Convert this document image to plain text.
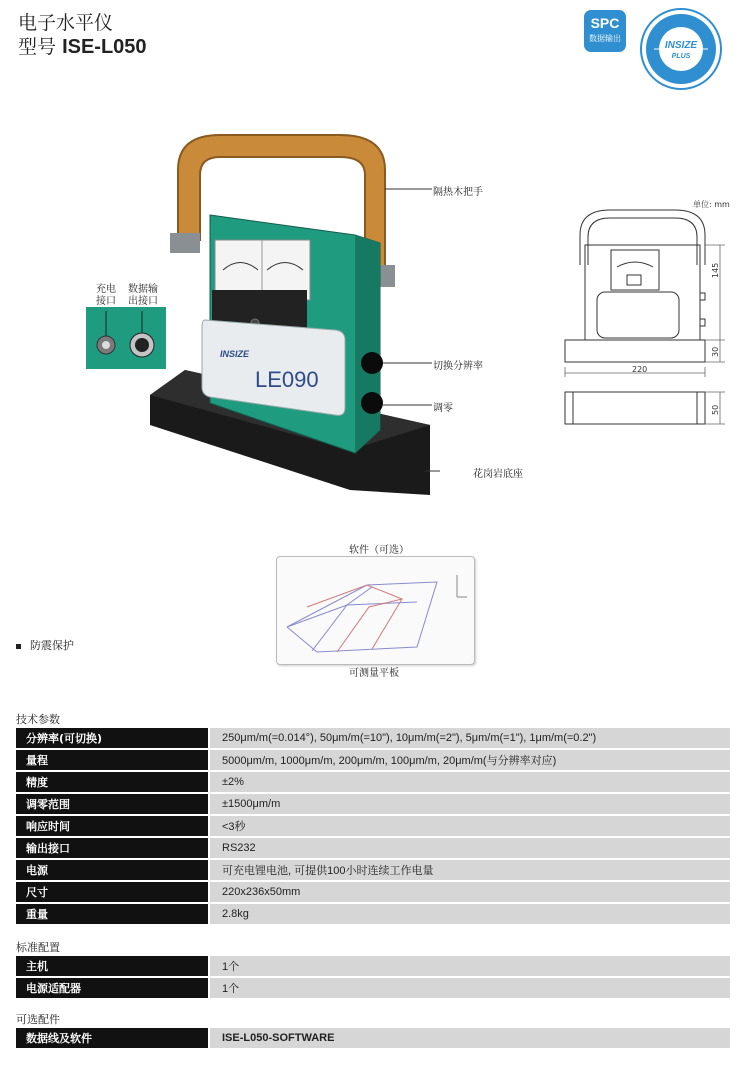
电子水平仪
型号 ISE-L050
SPC
数据输出
INSIZE
PLUS
INSIZE
LE090
充电
接口
数据输
出接口
隔热木把手
切换分辨率
调零
花岗岩底座
单位: mm
145
30
220
50
软件（可选）
可测量平板
防震保护
技术参数
分辨率(可切换)	250μm/m(=0.014°), 50μm/m(=10"), 10μm/m(=2"), 5μm/m(=1"), 1μm/m(=0.2")
量程	5000μm/m, 1000μm/m, 200μm/m, 100μm/m, 20μm/m(与分辨率对应)
精度	±2%
调零范围	±1500μm/m
响应时间	<3秒
输出接口	RS232
电源	可充电锂电池, 可提供100小时连续工作电量
尺寸	220x236x50mm
重量	2.8kg
标准配置
主机	1个
电源适配器	1个
可选配件
数据线及软件	ISE-L050-SOFTWARE
